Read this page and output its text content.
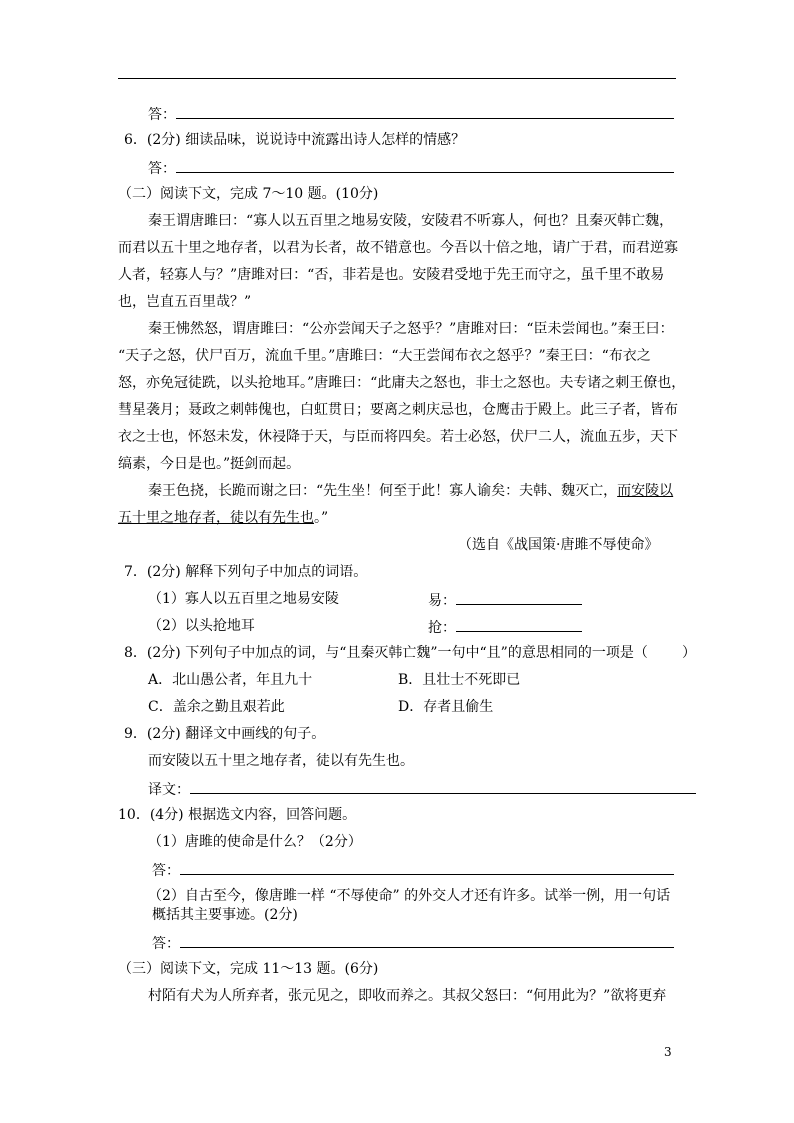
答：
6．(2分) 细读品味，说说诗中流露出诗人怎样的情感？
答：
（二）阅读下文，完成 7～10 题。(10分)
秦王谓唐雎曰：“寡人以五百里之地易安陵，安陵君不听寡人，何也？且秦灭韩亡魏，
而君以五十里之地存者，以君为长者，故不错意也。今吾以十倍之地，请广于君，而君逆寡
人者，轻寡人与？”唐雎对曰：“否，非若是也。安陵君受地于先王而守之，虽千里不敢易
也，岂直五百里哉？”
秦王怫然怒，谓唐雎曰：“公亦尝闻天子之怒乎？”唐雎对曰：“臣未尝闻也。”秦王曰：
“天子之怒，伏尸百万，流血千里。”唐雎曰：“大王尝闻布衣之怒乎？”秦王曰：“布衣之
怒，亦免冠徒跣，以头抢地耳。”唐雎曰：“此庸夫之怒也，非士之怒也。夫专诸之刺王僚也，
彗星袭月；聂政之刺韩傀也，白虹贯日；要离之刺庆忌也，仓鹰击于殿上。此三子者，皆布
衣之士也，怀怒未发，休祲降于天，与臣而将四矣。若士必怒，伏尸二人，流血五步，天下
缟素，今日是也。”挺剑而起。
秦王色挠，长跪而谢之曰：“先生坐！何至于此！寡人谕矣：夫韩、魏灭亡，而安陵以
五十里之地存者，徒以有先生也。”
（选自《战国策·唐雎不辱使命》
7．(2分) 解释下列句子中加点的词语。
（1）寡人以五百里之地易安陵	易：
（2）以头抢地耳	抢：
8．(2分) 下列句子中加点的词，与“且秦灭韩亡魏”一句中“且”的意思相同的一项是（ ）
A．北山愚公者，年且九十	B．且壮士不死即已
C．盖余之勤且艰若此	D．存者且偷生
9．(2分) 翻译文中画线的句子。
而安陵以五十里之地存者，徒以有先生也。
译文：
10．(4分) 根据选文内容，回答问题。
（1）唐雎的使命是什么？（2分）
答：
（2）自古至今，像唐雎一样 “不辱使命” 的外交人才还有许多。试举一例，用一句话
概括其主要事迹。(2分)
答：
（三）阅读下文，完成 11～13 题。(6分)
村陌有犬为人所弃者，张元见之，即收而养之。其叔父怒曰：“何用此为？”欲将更弃
3
